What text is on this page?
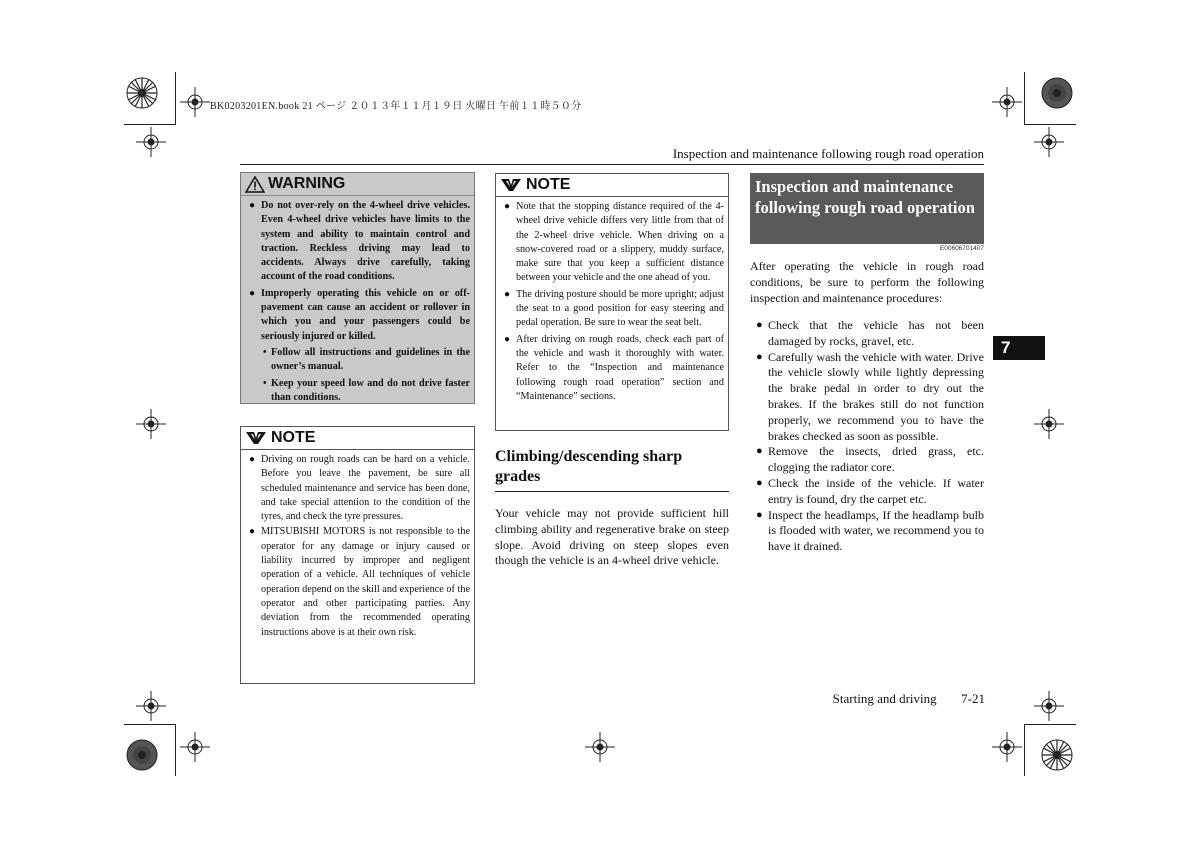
BK0203201EN.book 21 ページ ２０１３年１１月１９日 火曜日 午前１１時５０分
Inspection and maintenance following rough road operation
WARNING
● Do not over-rely on the 4-wheel drive vehicles. Even 4-wheel drive vehicles have limits to the system and ability to maintain control and traction. Reckless driving may lead to accidents. Always drive carefully, taking account of the road conditions.
● Improperly operating this vehicle on or off-pavement can cause an accident or rollover in which you and your passengers could be seriously injured or killed.
• Follow all instructions and guidelines in the owner’s manual.
• Keep your speed low and do not drive faster than conditions.
NOTE
● Driving on rough roads can be hard on a vehicle. Before you leave the pavement, be sure all scheduled maintenance and service has been done, and take special attention to the condition of the tyres, and check the tyre pressures.
● MITSUBISHI MOTORS is not responsible to the operator for any damage or injury caused or liability incurred by improper and negligent operation of a vehicle. All techniques of vehicle operation depend on the skill and experience of the operator and other participating parties. Any deviation from the recommended operating instructions above is at their own risk.
NOTE
● Note that the stopping distance required of the 4-wheel drive vehicle differs very little from that of the 2-wheel drive vehicle. When driving on a snow-covered road or a slippery, muddy surface, make sure that you keep a sufficient distance between your vehicle and the one ahead of you.
● The driving posture should be more upright; adjust the seat to a good position for easy steering and pedal operation. Be sure to wear the seat belt.
● After driving on rough roads, check each part of the vehicle and wash it thoroughly with water. Refer to the “Inspection and maintenance following rough road operation” section and “Maintenance” sections.
Climbing/descending sharp grades
Your vehicle may not provide sufficient hill climbing ability and regenerative brake on steep slope. Avoid driving on steep slopes even though the vehicle is an 4-wheel drive vehicle.
Inspection and maintenance following rough road operation
E00606701407
After operating the vehicle in rough road conditions, be sure to perform the following inspection and maintenance procedures:
● Check that the vehicle has not been damaged by rocks, gravel, etc.
● Carefully wash the vehicle with water. Drive the vehicle slowly while lightly depressing the brake pedal in order to dry out the brakes. If the brakes still do not function properly, we recommend you to have the brakes checked as soon as possible.
● Remove the insects, dried grass, etc. clogging the radiator core.
● Check the inside of the vehicle. If water entry is found, dry the carpet etc.
● Inspect the headlamps, If the headlamp bulb is flooded with water, we recommend you to have it drained.
7
Starting and driving 7-21
